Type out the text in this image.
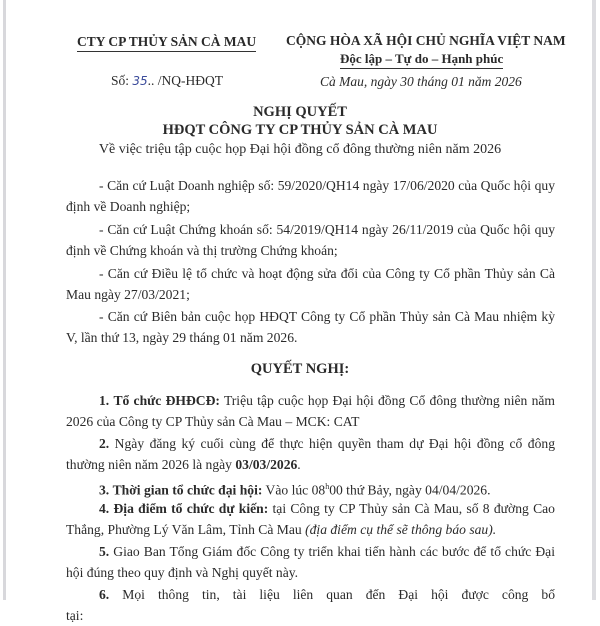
CTY CP THỦY SẢN CÀ MAU CỘNG HÒA XÃ HỘI CHỦ NGHĨA VIỆT NAM
Độc lập – Tự do – Hạnh phúc
Số: 35.. /NQ-HĐQT	Cà Mau, ngày 30 tháng 01 năm 2026
NGHỊ QUYẾT
HĐQT CÔNG TY CP THỦY SẢN CÀ MAU
Về việc triệu tập cuộc họp Đại hội đồng cổ đông thường niên năm 2026
- Căn cứ Luật Doanh nghiệp số: 59/2020/QH14 ngày 17/06/2020 của Quốc hội quy định về Doanh nghiệp;
- Căn cứ Luật Chứng khoán số: 54/2019/QH14 ngày 26/11/2019 của Quốc hội quy định về Chứng khoán và thị trường Chứng khoán;
- Căn cứ Điều lệ tổ chức và hoạt động sửa đổi của Công ty Cổ phần Thủy sản Cà Mau ngày 27/03/2021;
- Căn cứ Biên bản cuộc họp HĐQT Công ty Cổ phần Thủy sản Cà Mau nhiệm kỳ V, lần thứ 13, ngày 29 tháng 01 năm 2026.
QUYẾT NGHỊ:
1. Tổ chức ĐHĐCĐ: Triệu tập cuộc họp Đại hội đồng Cổ đông thường niên năm 2026 của Công ty CP Thủy sản Cà Mau – MCK: CAT
2. Ngày đăng ký cuối cùng để thực hiện quyền tham dự Đại hội đồng cổ đông thường niên năm 2026 là ngày 03/03/2026.
3. Thời gian tổ chức đại hội: Vào lúc 08$^h$00 thứ Bảy, ngày 04/04/2026.
4. Địa điểm tổ chức dự kiến: tại Công ty CP Thủy sản Cà Mau, số 8 đường Cao Thắng, Phường Lý Văn Lâm, Tỉnh Cà Mau (địa điểm cụ thể sẽ thông báo sau).
5. Giao Ban Tổng Giám đốc Công ty triển khai tiến hành các bước để tổ chức Đại hội đúng theo quy định và Nghị quyết này.
6. Mọi thông tin, tài liệu liên quan đến Đại hội được công bố tại:
